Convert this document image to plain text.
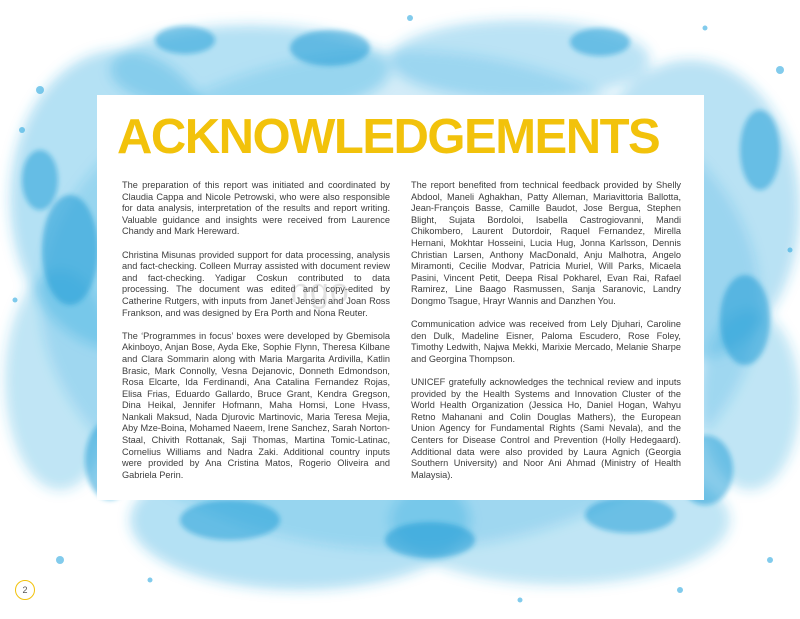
ACKNOWLEDGEMENTS

The preparation of this report was initiated and coordinated by Claudia Cappa and Nicole Petrowski, who were also responsible for data analysis, interpretation of the results and report writing. Valuable guidance and insights were received from Laurence Chandy and Mark Hereward.

Christina Misunas provided support for data processing, analysis and fact-checking. Colleen Murray assisted with document review and fact-checking. Yadigar Coskun contributed to data processing. The document was edited and copy-edited by Catherine Rutgers, with inputs from Janet Jensen and Joan Ross Frankson, and was designed by Era Porth and Nona Reuter.

The ‘Programmes in focus’ boxes were developed by Gbemisola Akinboyo, Anjan Bose, Ayda Eke, Sophie Flynn, Theresa Kilbane and Clara Sommarin along with Maria Margarita Ardivilla, Katlin Brasic, Mark Connolly, Vesna Dejanovic, Donneth Edmondson, Rosa Elcarte, Ida Ferdinandi, Ana Catalina Fernandez Rojas, Elisa Frias, Eduardo Gallardo, Bruce Grant, Kendra Gregson, Dina Heikal, Jennifer Hofmann, Maha Homsi, Lone Hvass, Nankali Maksud, Nada Djurovic Martinovic, Maria Teresa Mejia, Aby Mze-Boina, Mohamed Naeem, Irene Sanchez, Sarah Norton-Staal, Chivith Rottanak, Saji Thomas, Martina Tomic-Latinac, Cornelius Williams and Nadra Zaki. Additional country inputs were provided by Ana Cristina Matos, Rogerio Oliveira and Gabriela Perin.

The report benefited from technical feedback provided by Shelly Abdool, Maneli Aghakhan, Patty Alleman, Mariavittoria Ballotta, Jean-François Basse, Camille Baudot, Jose Bergua, Stephen Blight, Sujata Bordoloi, Isabella Castrogiovanni, Mandi Chikombero, Laurent Dutordoir, Raquel Fernandez, Mirella Hernani, Mokhtar Hosseini, Lucia Hug, Jonna Karlsson, Dennis Christian Larsen, Anthony MacDonald, Anju Malhotra, Angelo Miramonti, Cecilie Modvar, Patricia Muriel, Will Parks, Micaela Pasini, Vincent Petit, Deepa Risal Pokharel, Evan Rai, Rafael Ramirez, Line Baago Rasmussen, Sanja Saranovic, Landry Dongmo Tsague, Hrayr Wannis and Danzhen You.

Communication advice was received from Lely Djuhari, Caroline den Dulk, Madeline Eisner, Paloma Escudero, Rose Foley, Timothy Ledwith, Najwa Mekki, Marixie Mercado, Melanie Sharpe and Georgina Thompson.

UNICEF gratefully acknowledges the technical review and inputs provided by the Health Systems and Innovation Cluster of the World Health Organization (Jessica Ho, Daniel Hogan, Wahyu Retno Mahanani and Colin Douglas Mathers), the European Union Agency for Fundamental Rights (Sami Nevala), and the Centers for Disease Control and Prevention (Holly Hedegaard). Additional data were also provided by Laura Agnich (Georgia Southern University) and Noor Ani Ahmad (Ministry of Health Malaysia).

ngo
2
